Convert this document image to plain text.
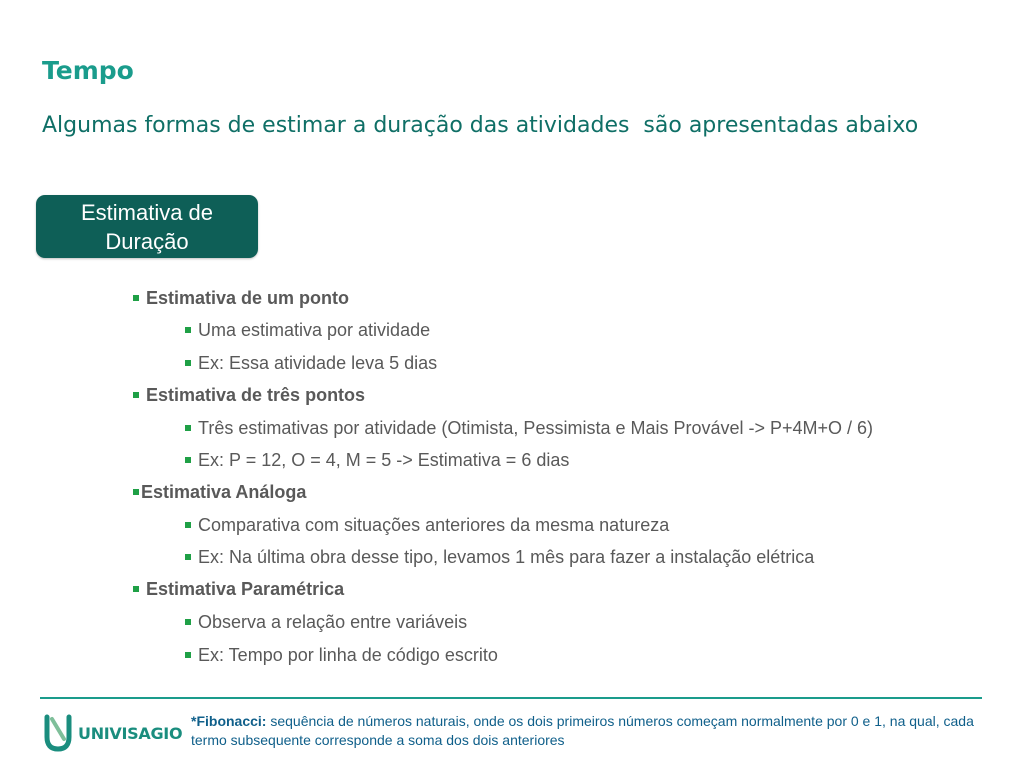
Tempo
Algumas formas de estimar a duração das atividades  são apresentadas abaixo
Estimativa de
Duração
Estimativa de um ponto
Uma estimativa por atividade
Ex: Essa atividade leva 5 dias
Estimativa de três pontos
Três estimativas por atividade (Otimista, Pessimista e Mais Provável -> P+4M+O / 6)
Ex: P = 12, O = 4, M = 5 -> Estimativa = 6 dias
Estimativa Análoga
Comparativa com situações anteriores da mesma natureza
Ex: Na última obra desse tipo, levamos 1 mês para fazer a instalação elétrica
Estimativa Paramétrica
Observa a relação entre variáveis
Ex: Tempo por linha de código escrito
UNIVISAGIO
*Fibonacci: sequência de números naturais, onde os dois primeiros números começam normalmente por 0 e 1, na qual, cada termo subsequente corresponde a soma dos dois anteriores
